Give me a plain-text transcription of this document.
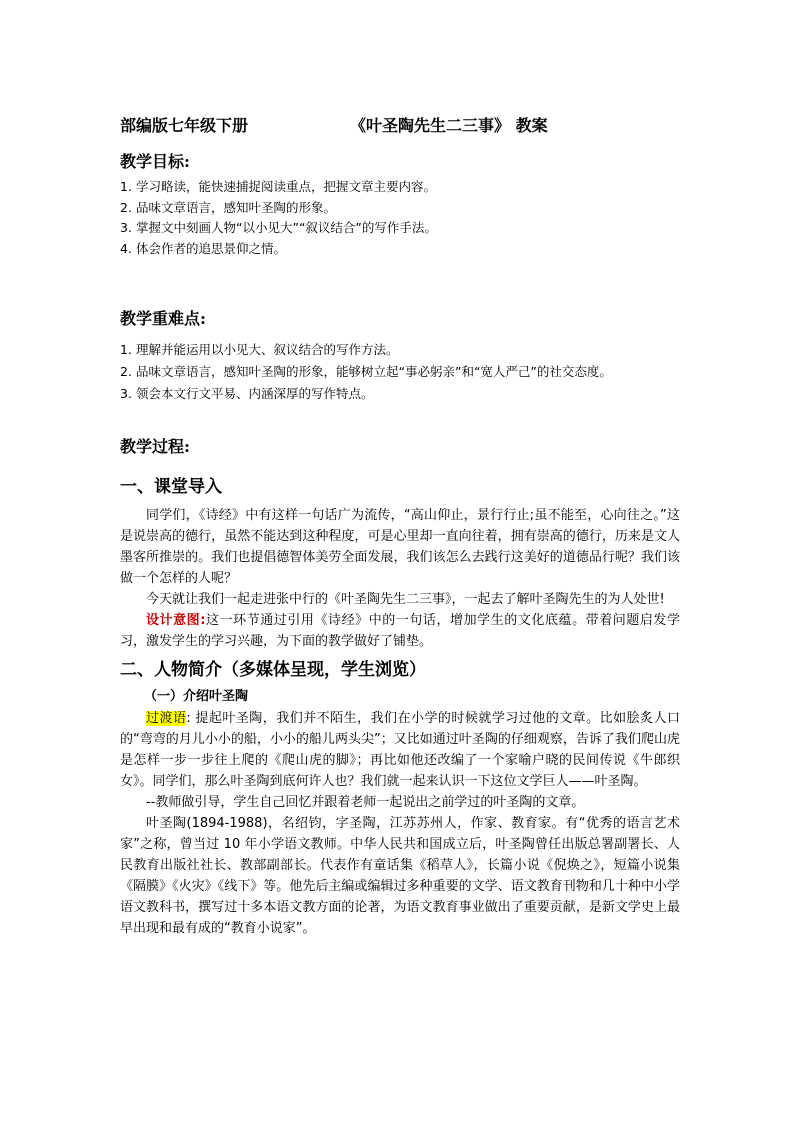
部编版七年级下册	《叶圣陶先生二三事》 教案
教学目标:
1. 学习略读，能快速捕捉阅读重点，把握文章主要内容。
2. 品味文章语言，感知叶圣陶的形象。
3. 掌握文中刻画人物“以小见大”“叙议结合”的写作手法。
4. 体会作者的追思景仰之情。
教学重难点:
1. 理解并能运用以小见大、叙议结合的写作方法。
2. 品味文章语言，感知叶圣陶的形象，能够树立起“事必躬亲”和“宽人严己”的社交态度。
3. 领会本文行文平易、内涵深厚的写作特点。
教学过程:
一、课堂导入

同学们，《诗经》中有这样一句话广为流传，“高山仰止，景行行止;虽不能至，心向往之。”这是说崇高的德行，虽然不能达到这种程度，可是心里却一直向往着，拥有崇高的德行，历来是文人墨客所推崇的。我们也提倡德智体美劳全面发展，我们该怎么去践行这美好的道德品行呢？我们该做一个怎样的人呢？

今天就让我们一起走进张中行的《叶圣陶先生二三事》，一起去了解叶圣陶先生的为人处世!

设计意图:这一环节通过引用《诗经》中的一句话，增加学生的文化底蕴。带着问题启发学习，激发学生的学习兴趣，为下面的教学做好了铺垫。

二、人物简介（多媒体呈现，学生浏览）
（一）介绍叶圣陶

过渡语: 提起叶圣陶，我们并不陌生，我们在小学的时候就学习过他的文章。比如脍炙人口的“弯弯的月儿小小的船，小小的船儿两头尖”；又比如通过叶圣陶的仔细观察，告诉了我们爬山虎是怎样一步一步往上爬的《爬山虎的脚》；再比如他还改编了一个家喻户晓的民间传说《牛郎织女》。同学们，那么叶圣陶到底何许人也？我们就一起来认识一下这位文学巨人——叶圣陶。

--教师做引导，学生自己回忆并跟着老师一起说出之前学过的叶圣陶的文章。

叶圣陶(1894-1988)，名绍钧，字圣陶，江苏苏州人，作家、教育家。有“优秀的语言艺术家”之称，曾当过 10 年小学语文教师。中华人民共和国成立后，叶圣陶曾任出版总署副署长、人民教育出版社社长、教部副部长。代表作有童话集《稻草人》，长篇小说《倪焕之》，短篇小说集《隔膜》《火灾》《线下》等。他先后主编或编辑过多种重要的文学、语文教育刊物和几十种中小学语文教科书，撰写过十多本语文教方面的论著，为语文教育事业做出了重要贡献，是新文学史上最早出现和最有成的“教育小说家”。
